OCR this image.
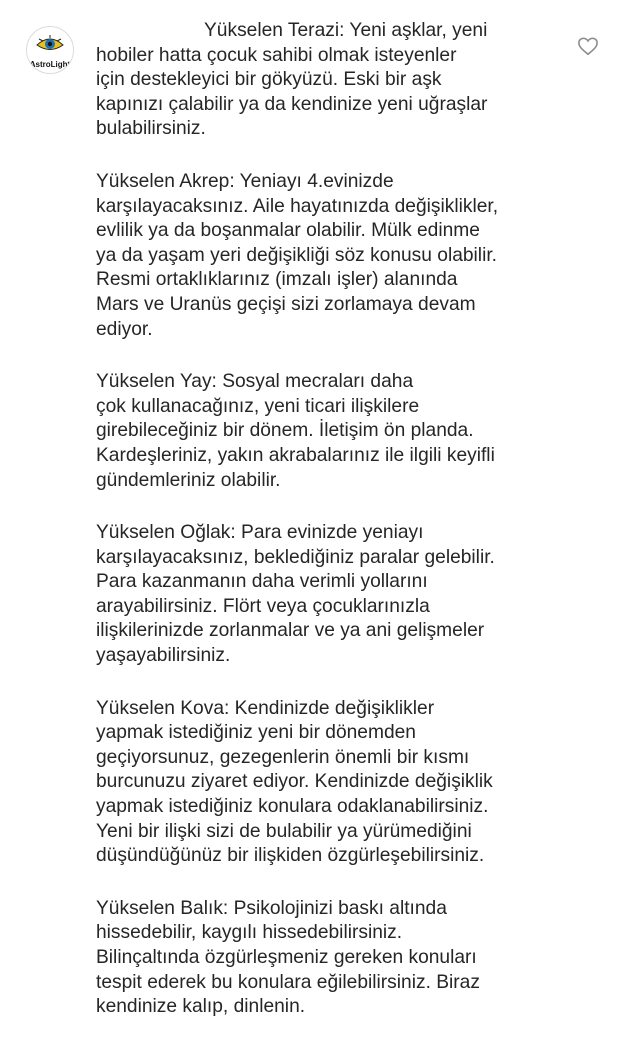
AstroLight

Yükselen Terazi: Yeni aşklar, yeni
hobiler hatta çocuk sahibi olmak isteyenler
için destekleyici bir gökyüzü. Eski bir aşk
kapınızı çalabilir ya da kendinize yeni uğraşlar
bulabilirsiniz.

Yükselen Akrep: Yeniayı 4.evinizde
karşılayacaksınız. Aile hayatınızda değişiklikler,
evlilik ya da boşanmalar olabilir. Mülk edinme
ya da yaşam yeri değişikliği söz konusu olabilir.
Resmi ortaklıklarınız (imzalı işler) alanında
Mars ve Uranüs geçişi sizi zorlamaya devam
ediyor.

Yükselen Yay: Sosyal mecraları daha
çok kullanacağınız, yeni ticari ilişkilere
girebileceğiniz bir dönem. İletişim ön planda.
Kardeşleriniz, yakın akrabalarınız ile ilgili keyifli
gündemleriniz olabilir.

Yükselen Oğlak: Para evinizde yeniayı
karşılayacaksınız, beklediğiniz paralar gelebilir.
Para kazanmanın daha verimli yollarını
arayabilirsiniz. Flört veya çocuklarınızla
ilişkilerinizde zorlanmalar ve ya ani gelişmeler
yaşayabilirsiniz.

Yükselen Kova: Kendinizde değişiklikler
yapmak istediğiniz yeni bir dönemden
geçiyorsunuz, gezegenlerin önemli bir kısmı
burcunuzu ziyaret ediyor. Kendinizde değişiklik
yapmak istediğiniz konulara odaklanabilirsiniz.
Yeni bir ilişki sizi de bulabilir ya yürümediğini
düşündüğünüz bir ilişkiden özgürleşebilirsiniz.

Yükselen Balık: Psikolojinizi baskı altında
hissedebilir, kaygılı hissedebilirsiniz.
Bilinçaltında özgürleşmeniz gereken konuları
tespit ederek bu konulara eğilebilirsiniz. Biraz
kendinize kalıp, dinlenin.
